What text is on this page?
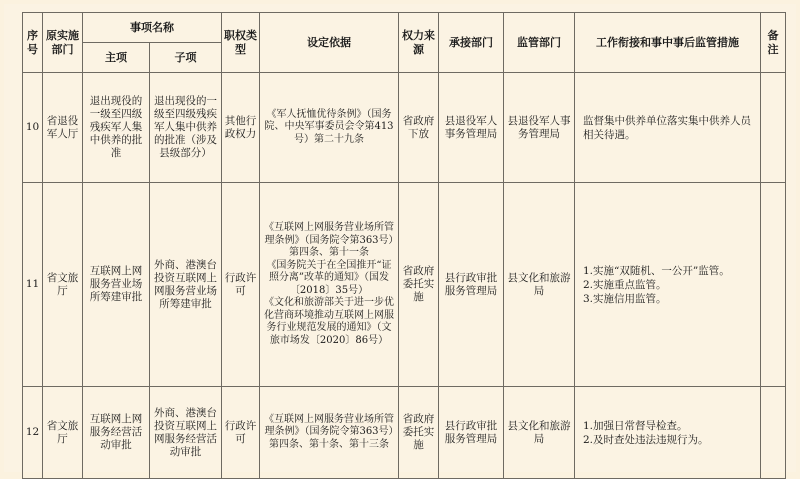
序号	原实施部门	事项名称		职权类型	设定依据	权力来源	承接部门	监管部门	工作衔接和事中事后监管措施	备注
		主项	子项							
10	省退役军人厅	退出现役的一级至四级残疾军人集中供养的批准	退出现役的一级至四级残疾军人集中供养的批准（涉及县级部分）	其他行政权力	《军人抚恤优待条例》（国务院、中央军事委员会令第413号）第二十九条	省政府下放	县退役军人事务管理局	县退役军人事务管理局	监督集中供养单位落实集中供养人员相关待遇。	
11	省文旅厅	互联网上网服务营业场所筹建审批	外商、港澳台投资互联网上网服务营业场所筹建审批	行政许可	《互联网上网服务营业场所管理条例》（国务院令第363号）第四条、第十一条
《国务院关于在全国推开“证照分离”改革的通知》（国发〔2018〕35号）
《文化和旅游部关于进一步优化营商环境推动互联网上网服务行业规范发展的通知》（文旅市场发〔2020〕86号）	省政府委托实施	县行政审批服务管理局	县文化和旅游局	1.实施“双随机、一公开”监管。
2.实施重点监管。
3.实施信用监管。	
12	省文旅厅	互联网上网服务经营活动审批	外商、港澳台投资互联网上网服务经营活动审批	行政许可	《互联网上网服务营业场所管理条例》（国务院令第363号）第四条、第十条、第十三条	省政府委托实施	县行政审批服务管理局	县文化和旅游局	1.加强日常督导检查。
2.及时查处违法违规行为。	
